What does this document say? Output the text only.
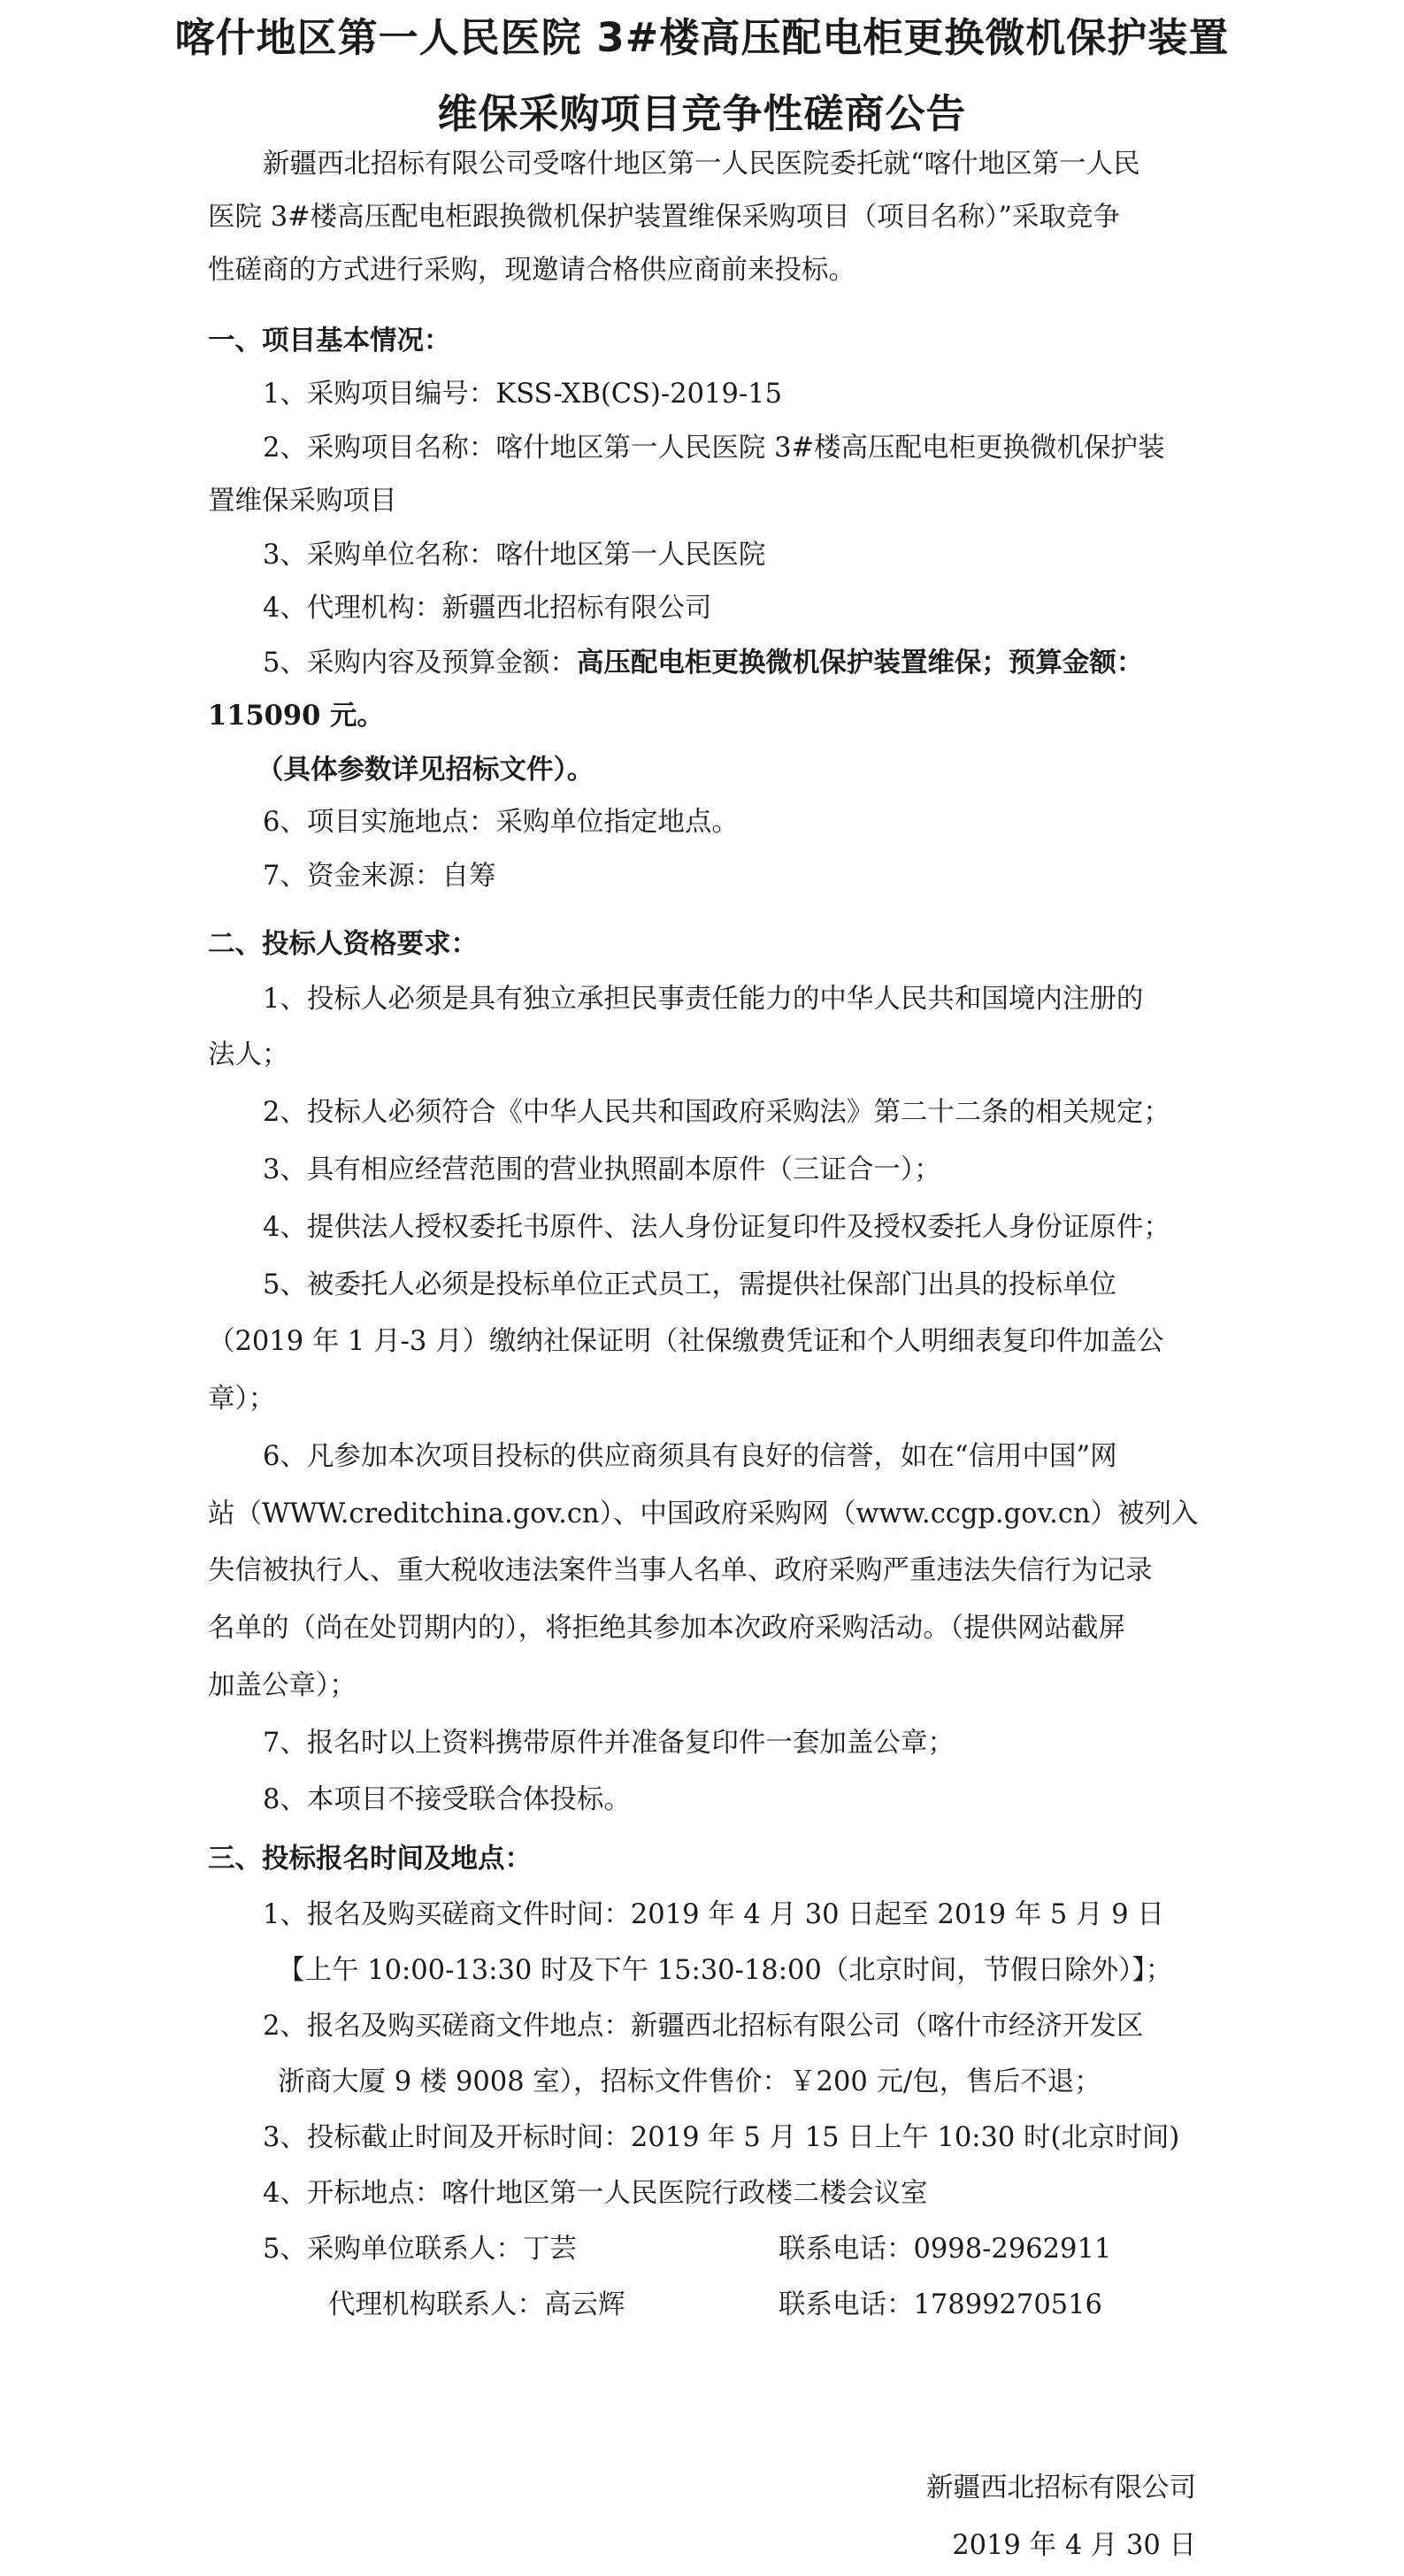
喀什地区第一人民医院 3#楼高压配电柜更换微机保护装置
维保采购项目竞争性磋商公告
新疆西北招标有限公司受喀什地区第一人民医院委托就“喀什地区第一人民
医院 3#楼高压配电柜跟换微机保护装置维保采购项目（项目名称）”采取竞争
性磋商的方式进行采购，现邀请合格供应商前来投标。
一、项目基本情况：
1、采购项目编号：KSS-XB(CS)-2019-15
2、采购项目名称：喀什地区第一人民医院 3#楼高压配电柜更换微机保护装
置维保采购项目
3、采购单位名称：喀什地区第一人民医院
4、代理机构：新疆西北招标有限公司
5、采购内容及预算金额：高压配电柜更换微机保护装置维保；预算金额：
115090 元。
（具体参数详见招标文件）。
6、项目实施地点：采购单位指定地点。
7、资金来源：自筹
二、投标人资格要求：
1、投标人必须是具有独立承担民事责任能力的中华人民共和国境内注册的
法人；
2、投标人必须符合《中华人民共和国政府采购法》第二十二条的相关规定；
3、具有相应经营范围的营业执照副本原件（三证合一）；
4、提供法人授权委托书原件、法人身份证复印件及授权委托人身份证原件；
5、被委托人必须是投标单位正式员工，需提供社保部门出具的投标单位
（2019 年 1 月-3 月）缴纳社保证明（社保缴费凭证和个人明细表复印件加盖公
章）；
6、凡参加本次项目投标的供应商须具有良好的信誉，如在“信用中国”网
站（WWW.creditchina.gov.cn）、中国政府采购网（www.ccgp.gov.cn）被列入
失信被执行人、重大税收违法案件当事人名单、政府采购严重违法失信行为记录
名单的（尚在处罚期内的），将拒绝其参加本次政府采购活动。（提供网站截屏
加盖公章）；
7、报名时以上资料携带原件并准备复印件一套加盖公章；
8、本项目不接受联合体投标。
三、投标报名时间及地点：
1、报名及购买磋商文件时间：2019 年 4 月 30 日起至 2019 年 5 月 9 日
【上午 10:00-13:30 时及下午 15:30-18:00（北京时间，节假日除外）】；
2、报名及购买磋商文件地点：新疆西北招标有限公司（喀什市经济开发区
浙商大厦 9 楼 9008 室），招标文件售价：￥200 元/包，售后不退；
3、投标截止时间及开标时间：2019 年 5 月 15 日上午 10:30 时(北京时间)
4、开标地点：喀什地区第一人民医院行政楼二楼会议室
5、采购单位联系人：丁芸	联系电话：0998-2962911
代理机构联系人：高云辉	联系电话：17899270516
新疆西北招标有限公司
2019 年 4 月 30 日
